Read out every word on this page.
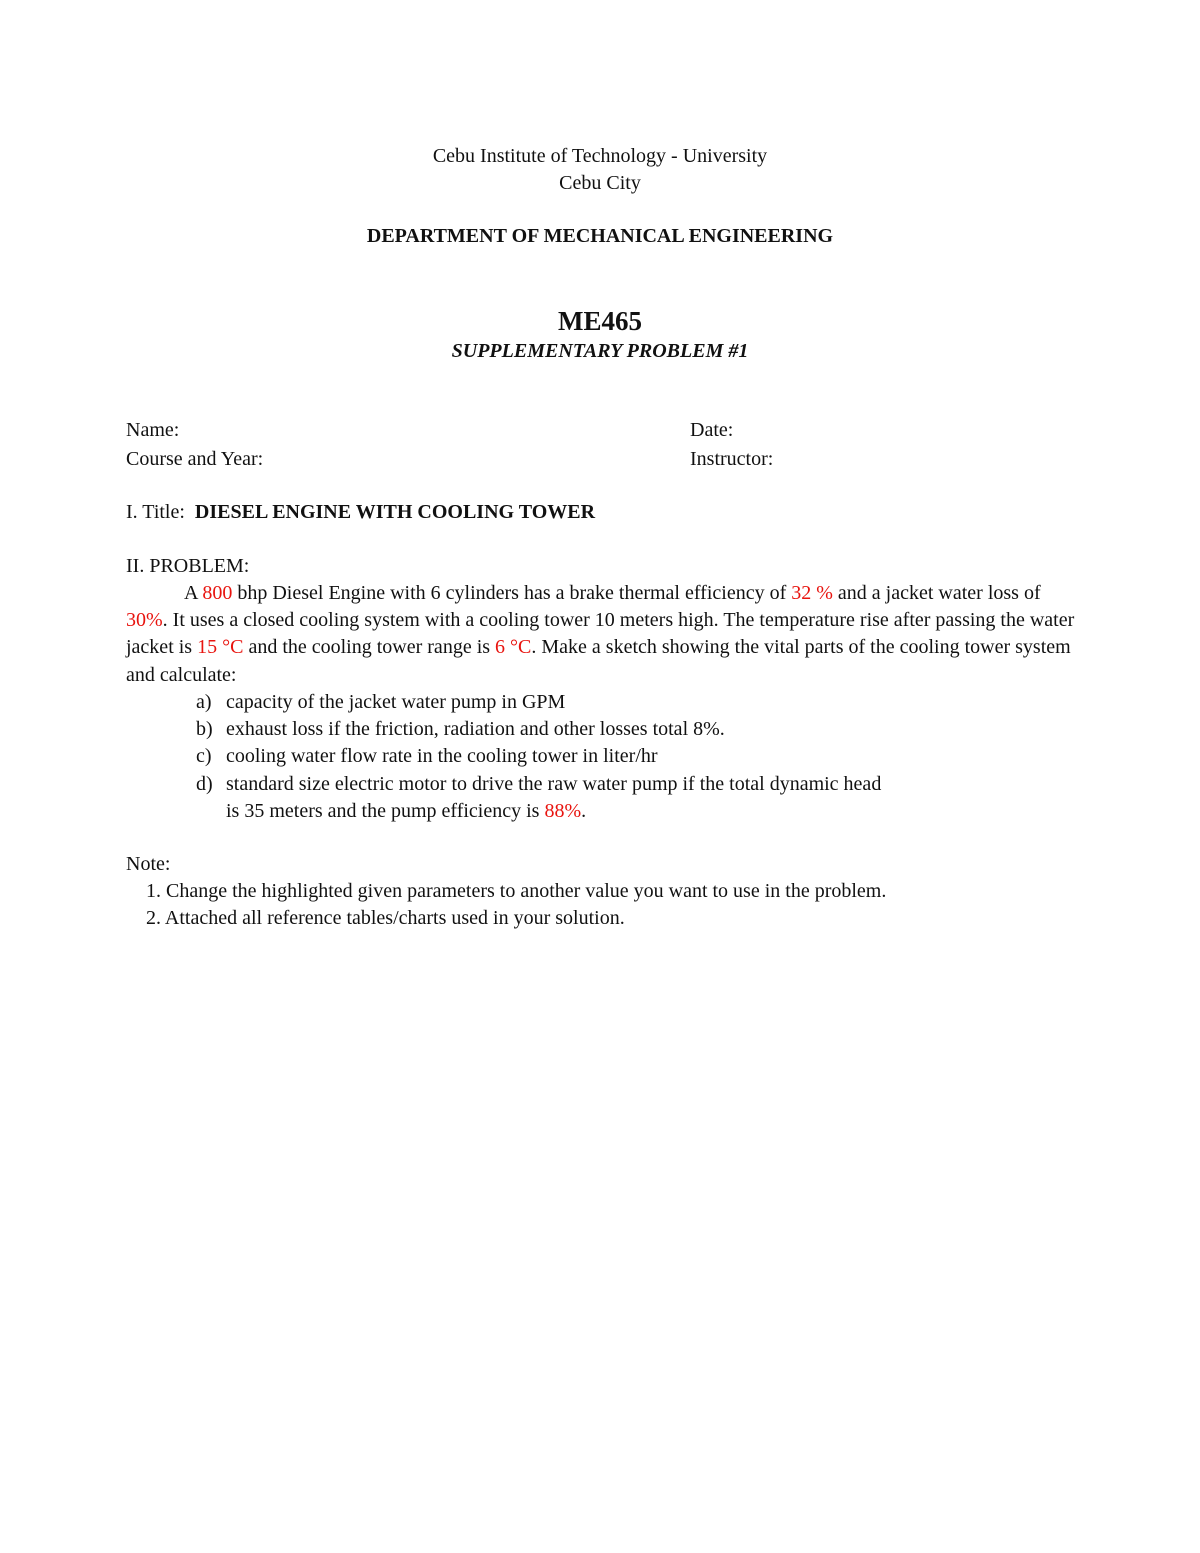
Cebu Institute of Technology - University
Cebu City
DEPARTMENT OF MECHANICAL ENGINEERING
ME465
SUPPLEMENTARY PROBLEM #1
Name:	Date:
Course and Year:	Instructor:
I. Title: DIESEL ENGINE WITH COOLING TOWER
II. PROBLEM:
A 800 bhp Diesel Engine with 6 cylinders has a brake thermal efficiency of 32 % and a jacket water loss of 30%. It uses a closed cooling system with a cooling tower 10 meters high. The temperature rise after passing the water jacket is 15 °C and the cooling tower range is 6 °C. Make a sketch showing the vital parts of the cooling tower system and calculate:
a) capacity of the jacket water pump in GPM
b) exhaust loss if the friction, radiation and other losses total 8%.
c) cooling water flow rate in the cooling tower in liter/hr
d) standard size electric motor to drive the raw water pump if the total dynamic head
is 35 meters and the pump efficiency is 88%.
Note:
1. Change the highlighted given parameters to another value you want to use in the problem.
2. Attached all reference tables/charts used in your solution.
